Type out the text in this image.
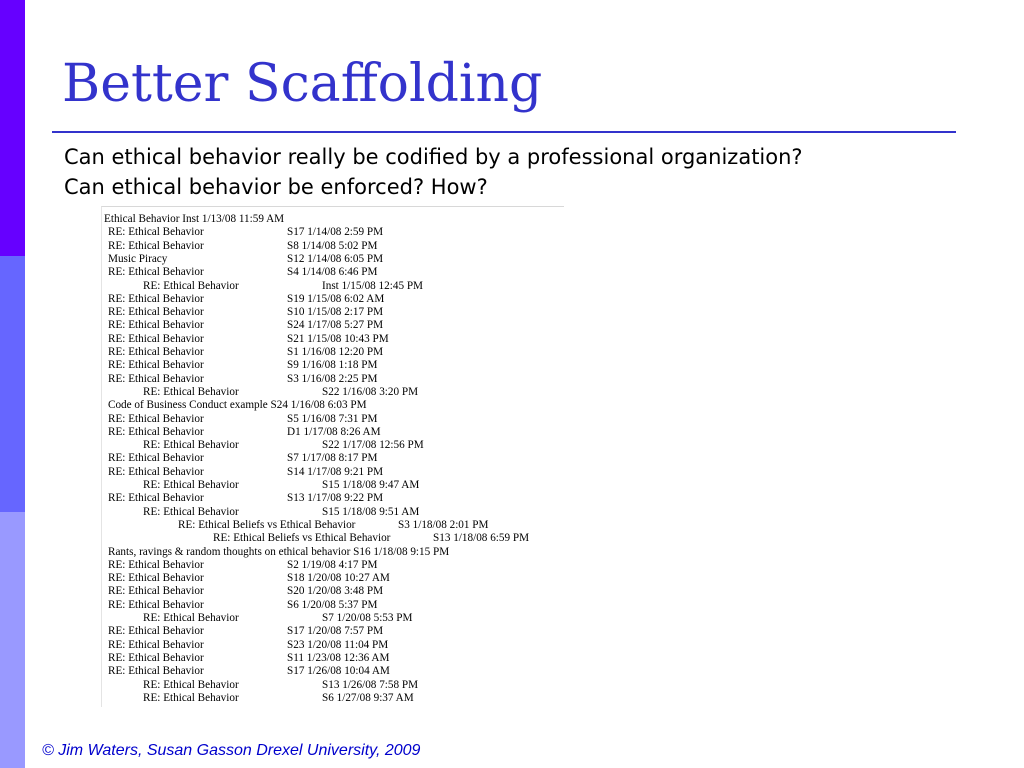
Better Scaffolding
Can ethical behavior really be codified by a professional organization?
Can ethical behavior be enforced? How?
Ethical Behavior Inst 1/13/08 11:59 AM
RE: Ethical Behavior	S17 1/14/08 2:59 PM
RE: Ethical Behavior	S8 1/14/08 5:02 PM
Music Piracy	S12 1/14/08 6:05 PM
RE: Ethical Behavior	S4 1/14/08 6:46 PM
RE: Ethical Behavior	Inst 1/15/08 12:45 PM
RE: Ethical Behavior	S19 1/15/08 6:02 AM
RE: Ethical Behavior	S10 1/15/08 2:17 PM
RE: Ethical Behavior	S24 1/17/08 5:27 PM
RE: Ethical Behavior	S21 1/15/08 10:43 PM
RE: Ethical Behavior	S1 1/16/08 12:20 PM
RE: Ethical Behavior	S9 1/16/08 1:18 PM
RE: Ethical Behavior	S3 1/16/08 2:25 PM
RE: Ethical Behavior	S22 1/16/08 3:20 PM
Code of Business Conduct example S24 1/16/08 6:03 PM
RE: Ethical Behavior	S5 1/16/08 7:31 PM
RE: Ethical Behavior	D1 1/17/08 8:26 AM
RE: Ethical Behavior	S22 1/17/08 12:56 PM
RE: Ethical Behavior	S7 1/17/08 8:17 PM
RE: Ethical Behavior	S14 1/17/08 9:21 PM
RE: Ethical Behavior	S15 1/18/08 9:47 AM
RE: Ethical Behavior	S13 1/17/08 9:22 PM
RE: Ethical Behavior	S15 1/18/08 9:51 AM
RE: Ethical Beliefs vs Ethical Behavior	S3 1/18/08 2:01 PM
RE: Ethical Beliefs vs Ethical Behavior	S13 1/18/08 6:59 PM
Rants, ravings & random thoughts on ethical behavior S16 1/18/08 9:15 PM
RE: Ethical Behavior	S2 1/19/08 4:17 PM
RE: Ethical Behavior	S18 1/20/08 10:27 AM
RE: Ethical Behavior	S20 1/20/08 3:48 PM
RE: Ethical Behavior	S6 1/20/08 5:37 PM
RE: Ethical Behavior	S7 1/20/08 5:53 PM
RE: Ethical Behavior	S17 1/20/08 7:57 PM
RE: Ethical Behavior	S23 1/20/08 11:04 PM
RE: Ethical Behavior	S11 1/23/08 12:36 AM
RE: Ethical Behavior	S17 1/26/08 10:04 AM
RE: Ethical Behavior	S13 1/26/08 7:58 PM
RE: Ethical Behavior	S6 1/27/08 9:37 AM
© Jim Waters, Susan Gasson Drexel University, 2009
